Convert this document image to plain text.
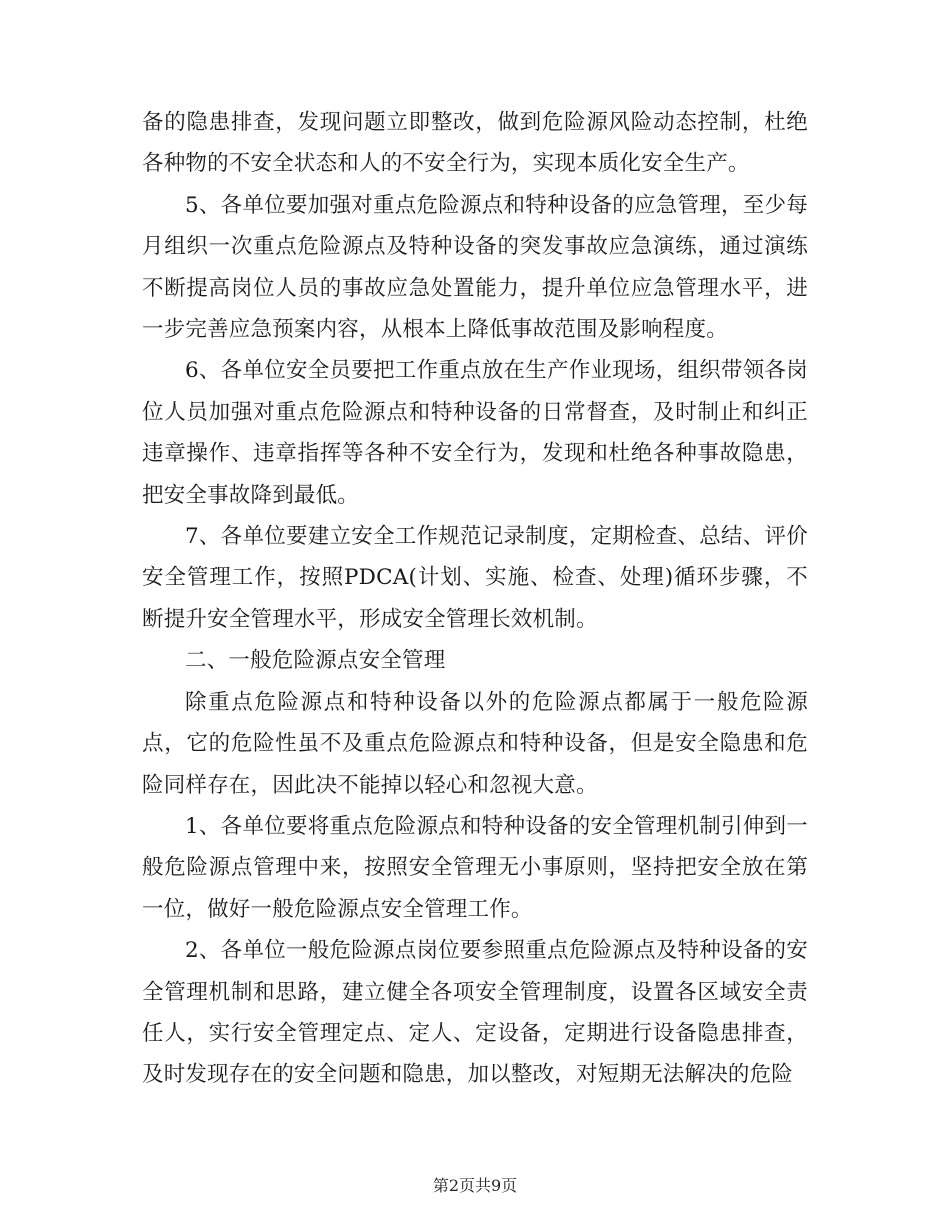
备的隐患排查，发现问题立即整改，做到危险源风险动态控制，杜绝各种物的不安全状态和人的不安全行为，实现本质化安全生产。

5、各单位要加强对重点危险源点和特种设备的应急管理，至少每月组织一次重点危险源点及特种设备的突发事故应急演练，通过演练不断提高岗位人员的事故应急处置能力，提升单位应急管理水平，进一步完善应急预案内容，从根本上降低事故范围及影响程度。

6、各单位安全员要把工作重点放在生产作业现场，组织带领各岗位人员加强对重点危险源点和特种设备的日常督查，及时制止和纠正违章操作、违章指挥等各种不安全行为，发现和杜绝各种事故隐患，把安全事故降到最低。

7、各单位要建立安全工作规范记录制度，定期检查、总结、评价安全管理工作，按照PDCA(计划、实施、检查、处理)循环步骤，不断提升安全管理水平，形成安全管理长效机制。

二、一般危险源点安全管理

除重点危险源点和特种设备以外的危险源点都属于一般危险源点，它的危险性虽不及重点危险源点和特种设备，但是安全隐患和危险同样存在，因此决不能掉以轻心和忽视大意。

1、各单位要将重点危险源点和特种设备的安全管理机制引伸到一般危险源点管理中来，按照安全管理无小事原则，坚持把安全放在第一位，做好一般危险源点安全管理工作。

2、各单位一般危险源点岗位要参照重点危险源点及特种设备的安全管理机制和思路，建立健全各项安全管理制度，设置各区域安全责任人，实行安全管理定点、定人、定设备，定期进行设备隐患排查，及时发现存在的安全问题和隐患，加以整改，对短期无法解决的危险

第2页共9页
